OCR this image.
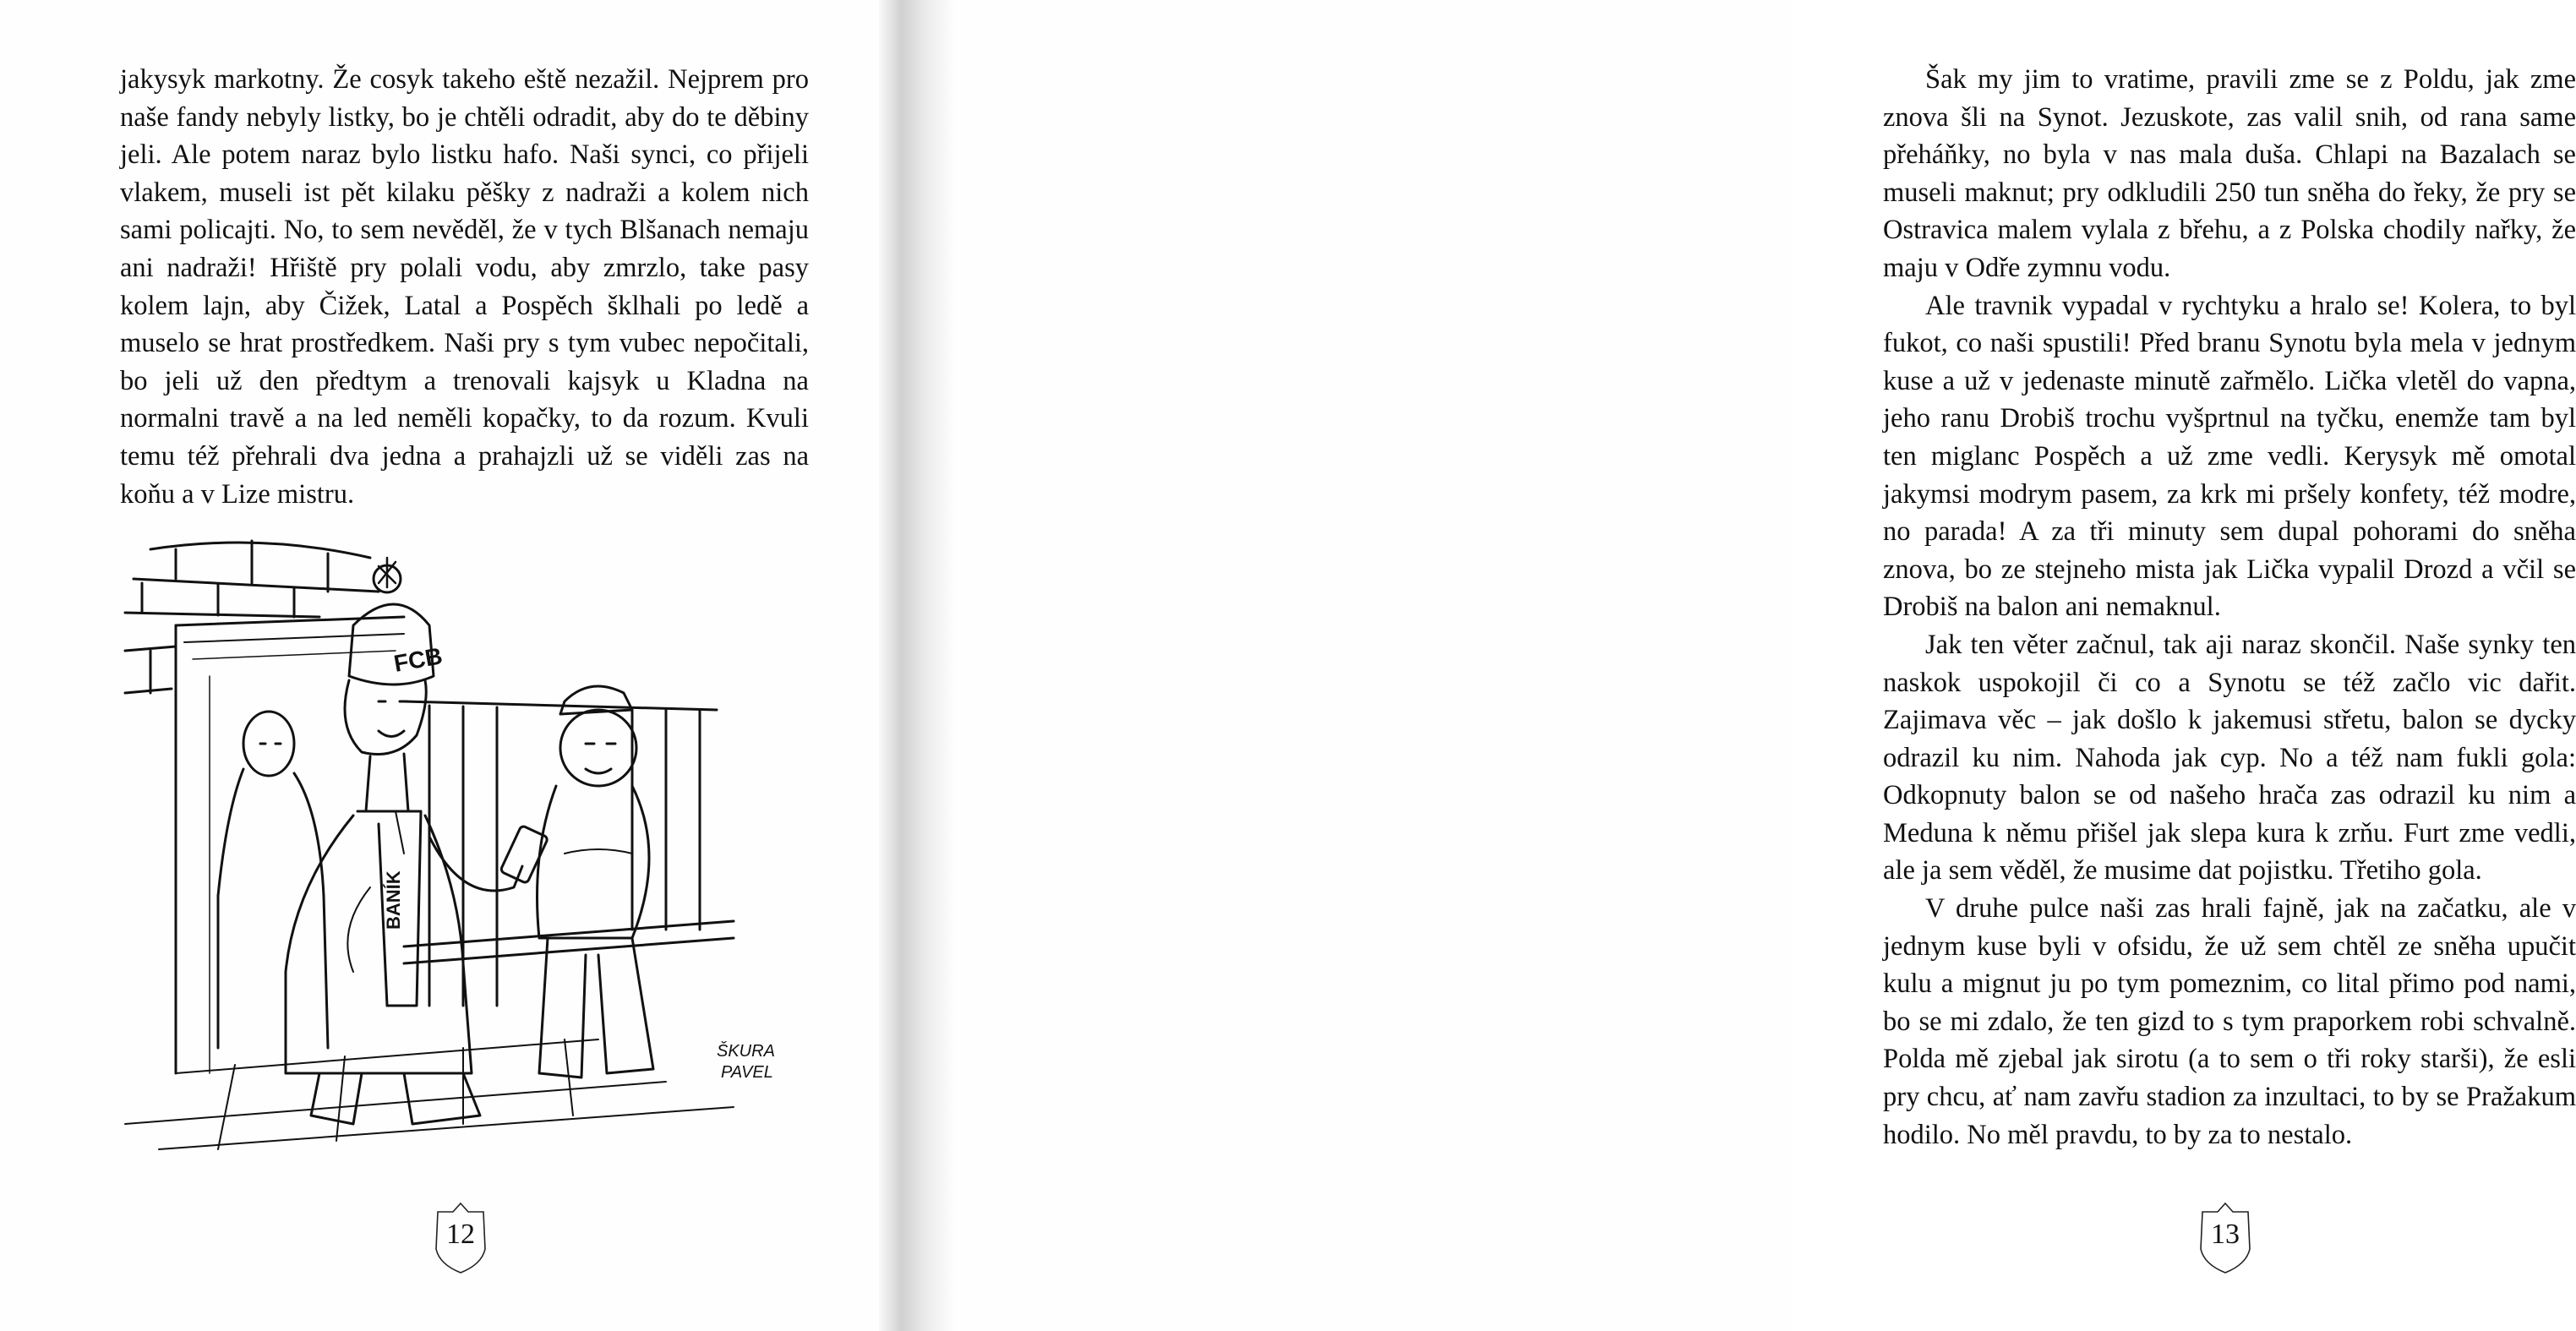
jakysyk markotny. Že cosyk takeho eště nezažil. Nejprem pro naše fandy nebyly listky, bo je chtěli odradit, aby do te děbiny jeli. Ale potem naraz bylo listku hafo. Naši synci, co přijeli vlakem, museli ist pět kilaku pěšky z nadraži a kolem nich sami policajti. No, to sem nevěděl, že v tych Blšanach nemaju ani nadraži! Hřiště pry polali vodu, aby zmrzlo, take pasy kolem lajn, aby Čižek, Latal a Pospěch šklhali po ledě a muselo se hrat prostředkem. Naši pry s tym vubec nepočitali, bo jeli už den předtym a trenovali kajsyk u Kladna na normalni travě a na led neměli kopačky, to da rozum. Kvuli temu též přehrali dva jedna a prahajzli už se viděli zas na koňu a v Lize mistru.

FCB
BANÍK
ŠKURA
PAVEL
12

Šak my jim to vratime, pravili zme se z Poldu, jak zme znova šli na Synot. Jezuskote, zas valil snih, od rana same přeháňky, no byla v nas mala duša. Chlapi na Bazalach se museli maknut; pry odkludili 250 tun sněha do řeky, že pry se Ostravica malem vylala z břehu, a z Polska chodily nařky, že maju v Odře zymnu vodu.

Ale travnik vypadal v rychtyku a hralo se! Kolera, to byl fukot, co naši spustili! Před branu Synotu byla mela v jednym kuse a už v jedenaste minutě zařmělo. Lička vletěl do vapna, jeho ranu Drobiš trochu vyšprtnul na tyčku, enemže tam byl ten miglanc Pospěch a už zme vedli. Kerysyk mě omotal jakymsi modrym pasem, za krk mi pršely konfety, též modre, no parada! A za tři minuty sem dupal pohorami do sněha znova, bo ze stejneho mista jak Lička vypalil Drozd a včil se Drobiš na balon ani nemaknul.

Jak ten věter začnul, tak aji naraz skončil. Naše synky ten naskok uspokojil či co a Synotu se též začlo vic dařit. Zajimava věc – jak došlo k jakemusi střetu, balon se dycky odrazil ku nim. Nahoda jak cyp. No a též nam fukli gola: Odkopnuty balon se od našeho hrača zas odrazil ku nim a Meduna k němu přišel jak slepa kura k zrňu. Furt zme vedli, ale ja sem věděl, že musime dat pojistku. Třetiho gola.

V druhe pulce naši zas hrali fajně, jak na začatku, ale v jednym kuse byli v ofsidu, že už sem chtěl ze sněha upučit kulu a mignut ju po tym pomeznim, co lital přimo pod nami, bo se mi zdalo, že ten gizd to s tym praporkem robi schvalně. Polda mě zjebal jak sirotu (a to sem o tři roky starši), že esli pry chcu, ať nam zavřu stadion za inzultaci, to by se Pražakum hodilo. No měl pravdu, to by za to nestalo.

13
